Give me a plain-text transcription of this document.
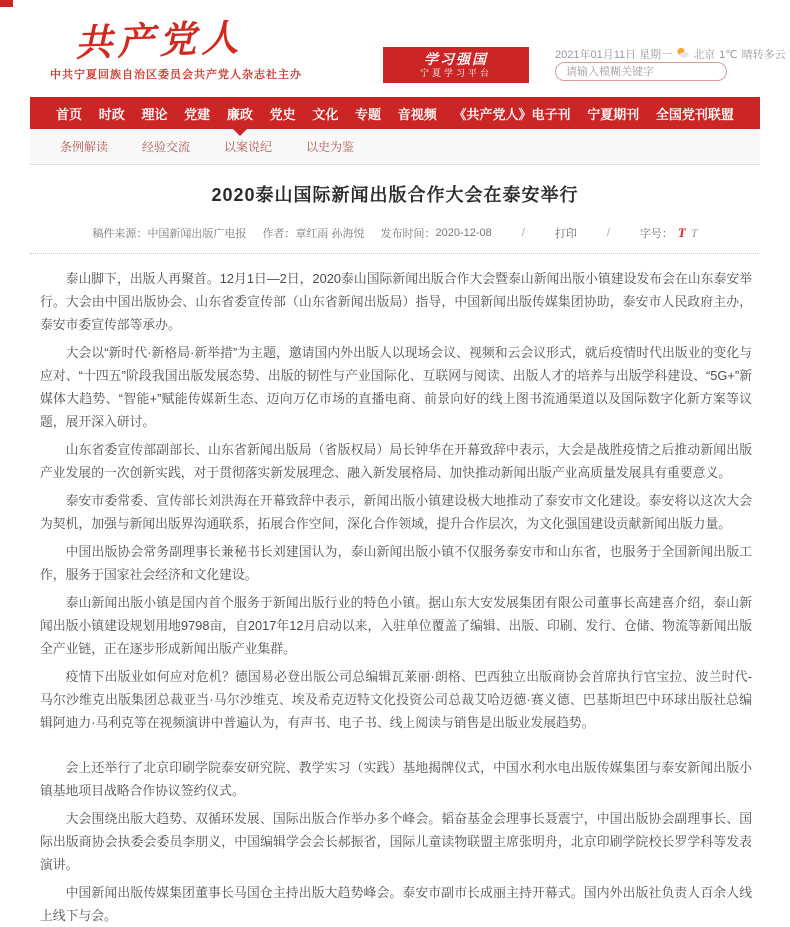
共产党人
中共宁夏回族自治区委员会共产党人杂志社主办
学习强国
宁夏学习平台
2021年01月11日 星期一 北京 1℃ 晴转多云
请输入模糊关键字
首页 时政 理论 党建 廉政 党史 文化 专题 音视频 《共产党人》电子刊 宁夏期刊 全国党刊联盟
条例解读	经验交流	以案说纪	以史为鉴
2020泰山国际新闻出版合作大会在泰安举行
稿件来源： 中国新闻出版广电报 作者： 章红雨 孙海悦 发布时间： 2020-12-08	/	打印	/	字号： T T

泰山脚下，出版人再聚首。12月1日—2日，2020泰山国际新闻出版合作大会暨泰山新闻出版小镇建设发布会在山东泰安举行。大会由中国出版协会、山东省委宣传部（山东省新闻出版局）指导，中国新闻出版传媒集团协助，泰安市人民政府主办，泰安市委宣传部等承办。

大会以“新时代·新格局·新举措”为主题，邀请国内外出版人以现场会议、视频和云会议形式，就后疫情时代出版业的变化与应对、“十四五”阶段我国出版发展态势、出版的韧性与产业国际化、互联网与阅读、出版人才的培养与出版学科建设、“5G+”新媒体大趋势、“智能+”赋能传媒新生态、迈向万亿市场的直播电商、前景向好的线上图书流通渠道以及国际数字化新方案等议题，展开深入研讨。

山东省委宣传部副部长、山东省新闻出版局（省版权局）局长钟华在开幕致辞中表示，大会是战胜疫情之后推动新闻出版产业发展的一次创新实践，对于贯彻落实新发展理念、融入新发展格局、加快推动新闻出版产业高质量发展具有重要意义。

泰安市委常委、宣传部长刘洪海在开幕致辞中表示，新闻出版小镇建设极大地推动了泰安市文化建设。泰安将以这次大会为契机，加强与新闻出版界沟通联系，拓展合作空间，深化合作领域，提升合作层次，为文化强国建设贡献新闻出版力量。

中国出版协会常务副理事长兼秘书长刘建国认为，泰山新闻出版小镇不仅服务泰安市和山东省，也服务于全国新闻出版工作，服务于国家社会经济和文化建设。

泰山新闻出版小镇是国内首个服务于新闻出版行业的特色小镇。据山东大安发展集团有限公司董事长高建喜介绍，泰山新闻出版小镇建设规划用地9798亩，自2017年12月启动以来，入驻单位覆盖了编辑、出版、印刷、发行、仓储、物流等新闻出版全产业链，正在逐步形成新闻出版产业集群。

疫情下出版业如何应对危机？德国易必登出版公司总编辑瓦莱丽·朗格、巴西独立出版商协会首席执行官宝拉、波兰时代-马尔沙维克出版集团总裁亚当·马尔沙维克、埃及希克迈特文化投资公司总裁艾哈迈德·赛义德、巴基斯坦巴中环球出版社总编辑阿迪力·马利克等在视频演讲中普遍认为，有声书、电子书、线上阅读与销售是出版业发展趋势。

会上还举行了北京印刷学院泰安研究院、教学实习（实践）基地揭牌仪式，中国水利水电出版传媒集团与泰安新闻出版小镇基地项目战略合作协议签约仪式。

大会围绕出版大趋势、双循环发展、国际出版合作举办多个峰会。韬奋基金会理事长聂震宁，中国出版协会副理事长、国际出版商协会执委会委员李朋义，中国编辑学会会长郝振省，国际儿童读物联盟主席张明舟，北京印刷学院校长罗学科等发表演讲。

中国新闻出版传媒集团董事长马国仓主持出版大趋势峰会。泰安市副市长成丽主持开幕式。国内外出版社负责人百余人线上线下与会。
